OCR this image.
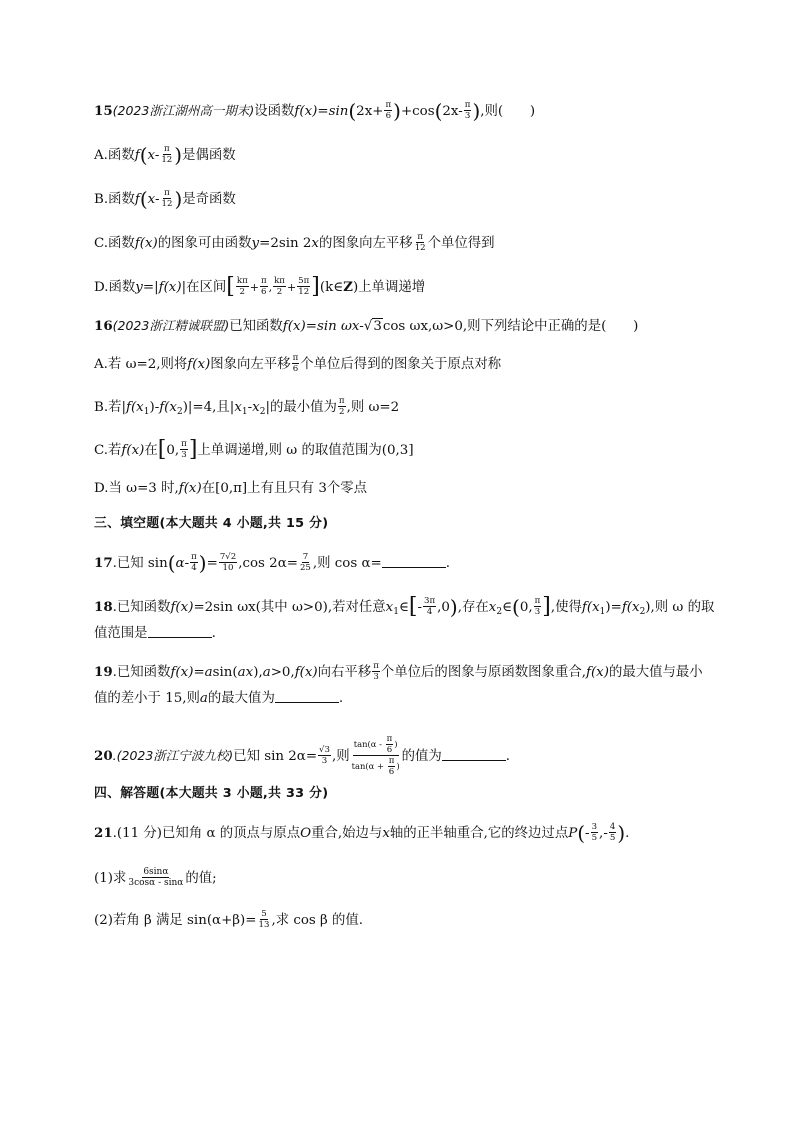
15(2023浙江湖州高一期末)设函数$f(x)=\sin(2x+ \frac{\pi}{6} )+\cos(2x- \frac{\pi}{3}$ ),则(  )
A.函数$f(x- \frac{\pi}{12}$ )是偶函数
B.函数$f(x- \frac{\pi}{12}$ )是奇函数
C.函数f(x)的图象可由函数y=2sin 2x的图象向左平移 $\frac{\pi}{12}$ 个单位得到
D.函数y=|f(x)|在区间[ $\frac{k\pi}{2} + \frac{\pi}{6}$ , $\frac{k\pi}{2} + \frac{5\pi}{12}$ ](k∈Z)上单调递增
16(2023浙江精诚联盟)已知函数f(x)=sin ωx-√3cos ωx,ω>0,则下列结论中正确的是(  )
A.若 ω=2,则将f(x)图象向左平移 $\frac{\pi}{6}$ 个单位后得到的图象关于原点对称
B.若$|f(x_1)-f(x_2)|=4$,且$|x_1-x_2|$的最小值为 $\frac{\pi}{2}$ ,则 ω=2
C.若f(x)在[0, $\frac{\pi}{3}$ ]上单调递增,则 ω 的取值范围为(0,3]
D.当 ω=3 时,f(x)在[0,π]上有且只有 3个零点
三、填空题(本大题共 4 小题,共 15 分)
17.已知 $\sin(\alpha- \frac{\pi}{4}$ )= $\frac{7√2}{10} ,\cos$ $2\alpha= \frac{7}{25}$ ,则 cos α=	.
18.已知函数f(x)=2sin ωx(其中 ω>0),若对任意$x_1\in[- \frac{3\pi}{4} ,0)$,存在$x_2\in(0$, $\frac{\pi}{3}$ ],使得$f(x_1)=f(x_2)$,则 ω 的取
值范围是	.
19.已知函数f(x)=asin(ax),a>0,f(x)向右平移 $\frac{\pi}{3}$ 个单位后的图象与原函数图象重合,f(x)的最大值与最小
值的差小于 15,则a的最大值为	.
20.(2023浙江宁波九校)已知 $\sin 2\alpha= \frac{√3}{3}$ ,则 $\frac{\tan(\alpha - \frac{\pi}{6} )}{\tan(\alpha + \frac{\pi}{6} )}$ 的值为	.
四、解答题(本大题共 3 小题,共 33 分)
21.(11 分)已知角 α 的顶点与原点O重合,始边与x轴的正半轴重合,它的终边过点$P(- \frac{3}{5}$ ,- $\frac{4}{5}$ ).
(1)求 $\frac{6\sin\alpha}{3\cos\alpha - \sin\alpha}$ 的值;
(2)若角 β 满足 $\sin(\alpha+\beta)= \frac{5}{13}$ ,求 cos β 的值.
